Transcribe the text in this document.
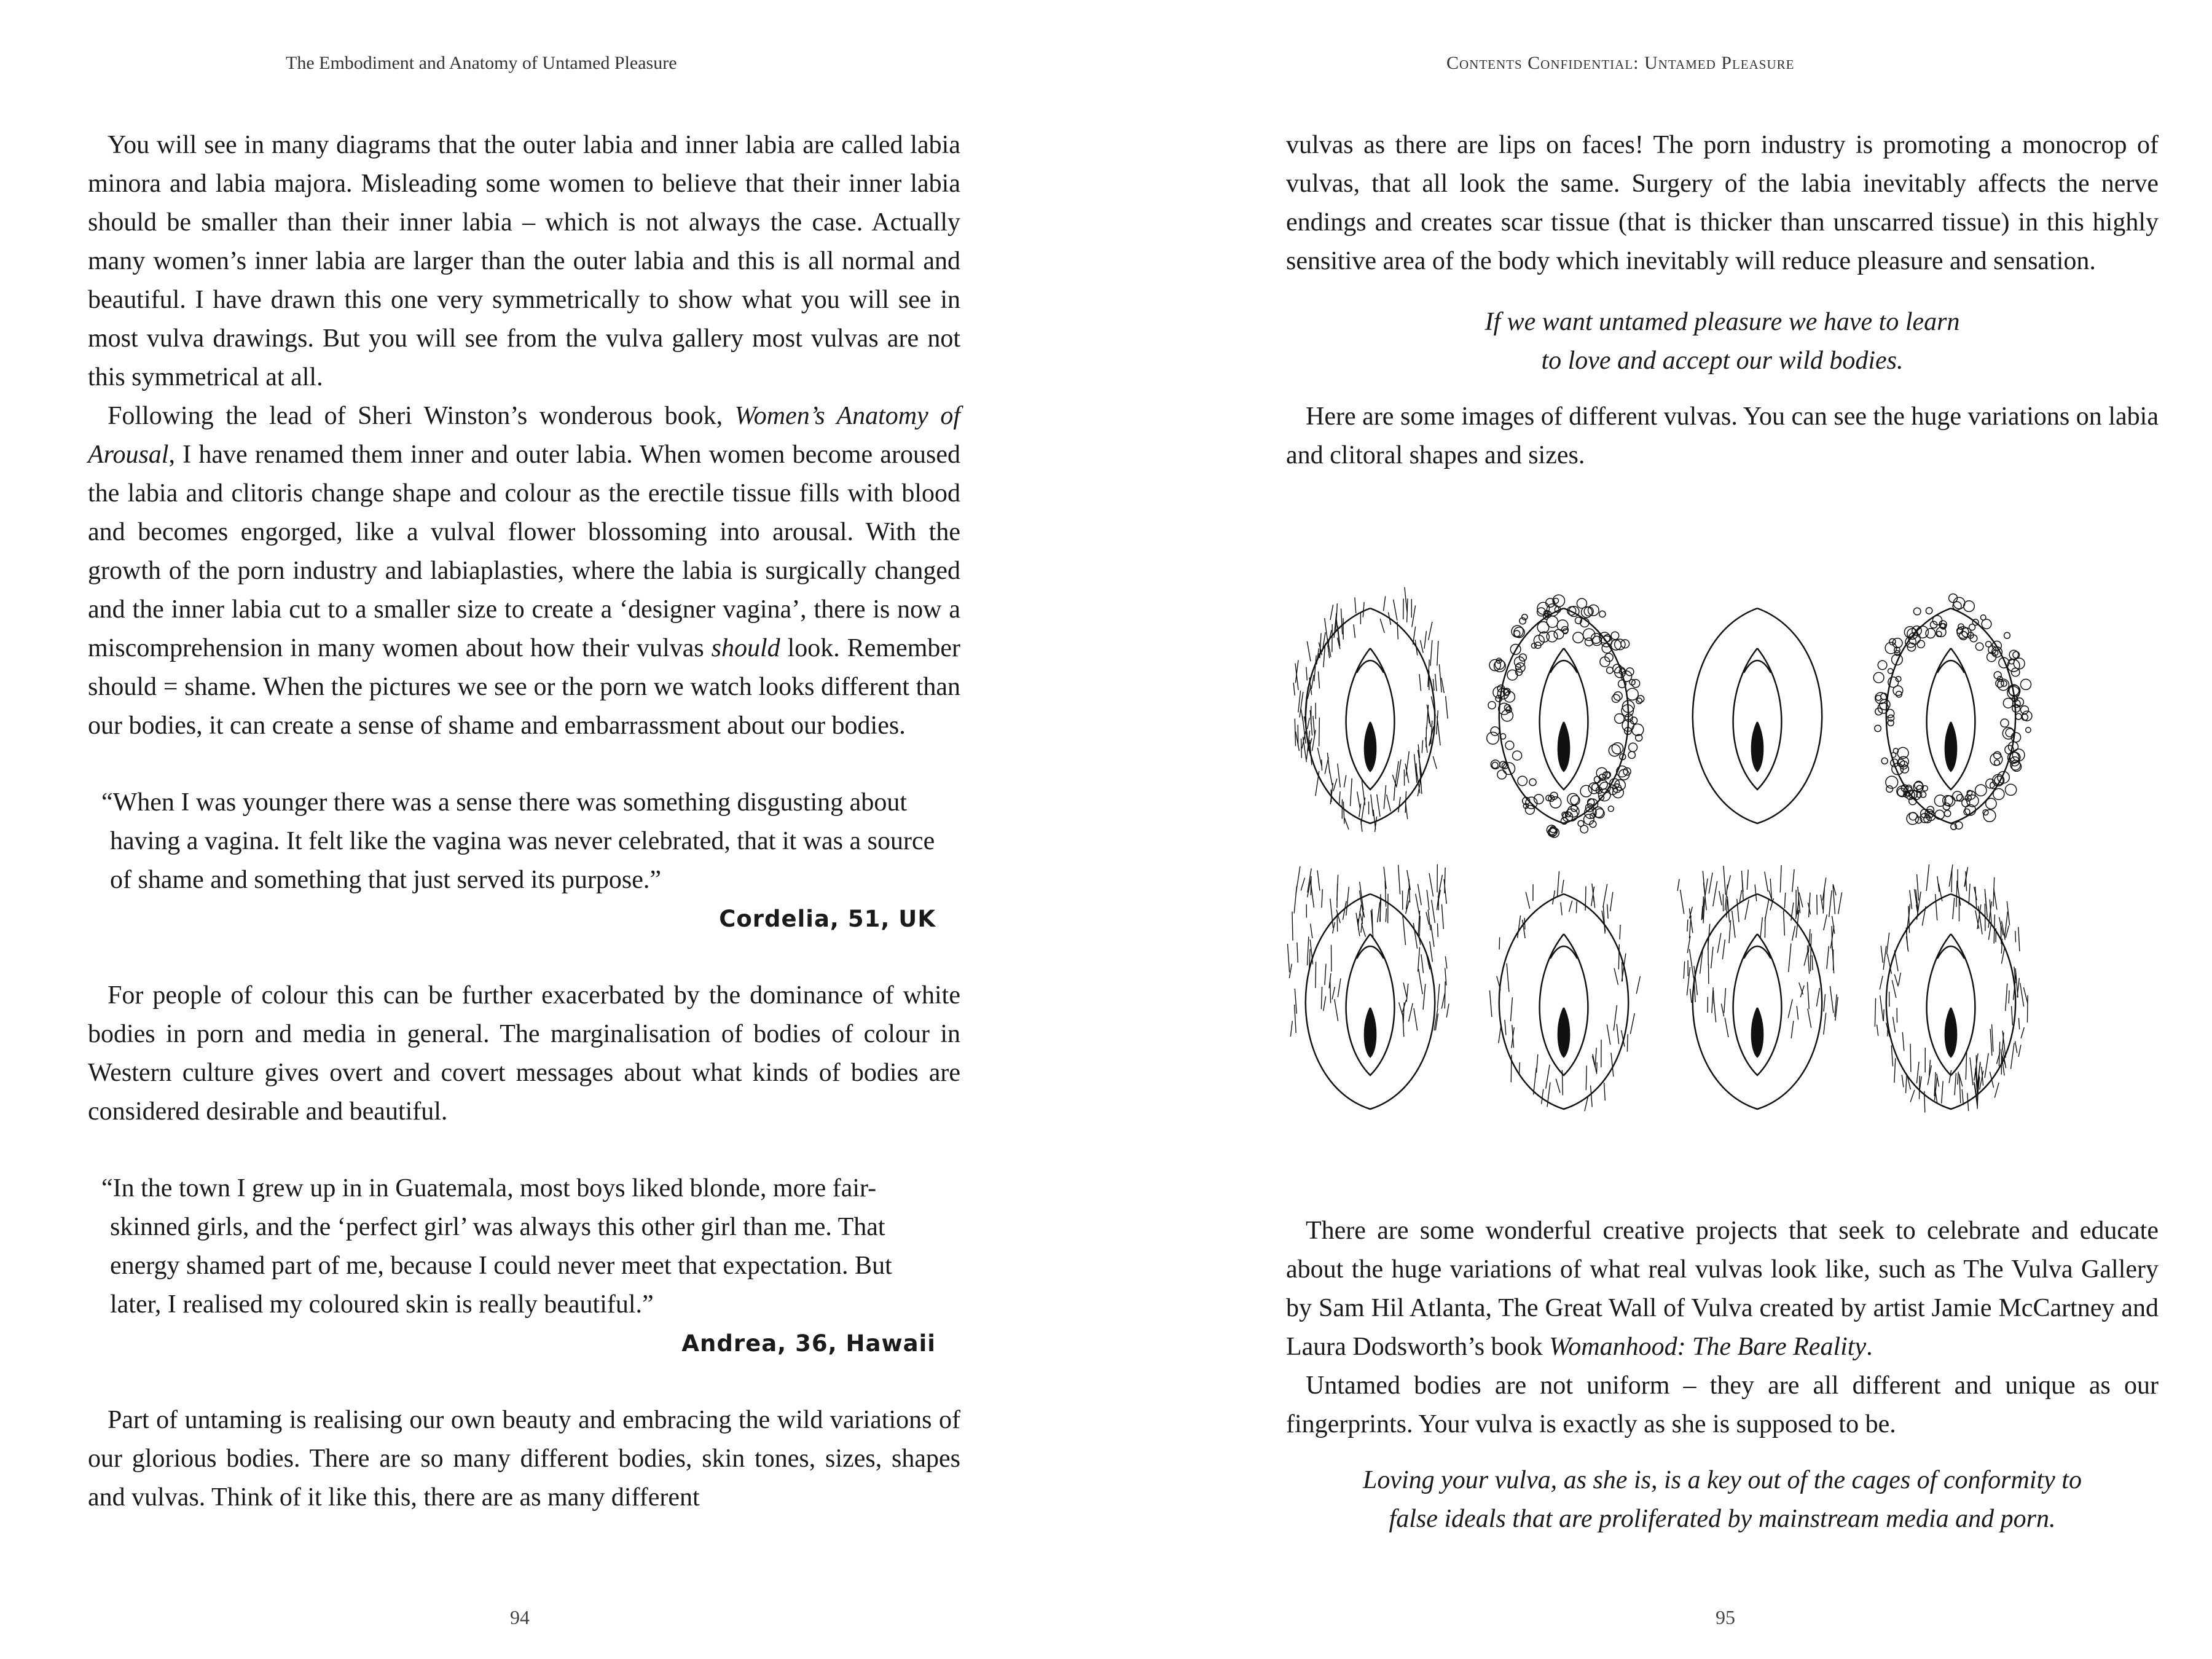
The Embodiment and Anatomy of Untamed Pleasure

You will see in many diagrams that the outer labia and inner labia are called labia minora and labia majora. Misleading some women to believe that their inner labia should be smaller than their inner labia – which is not always the case. Actually many women’s inner labia are larger than the outer labia and this is all normal and beautiful. I have drawn this one very symmetrically to show what you will see in most vulva drawings. But you will see from the vulva gallery most vulvas are not this symmetrical at all.

Following the lead of Sheri Winston’s wonderous book, Women’s Anatomy of Arousal, I have renamed them inner and outer labia. When women become aroused the labia and clitoris change shape and colour as the erectile tissue fills with blood and becomes engorged, like a vulval flower blossoming into arousal. With the growth of the porn industry and labiaplasties, where the labia is surgically changed and the inner labia cut to a smaller size to create a ‘designer vagina’, there is now a miscomprehension in many women about how their vulvas should look. Remember should = shame. When the pictures we see or the porn we watch looks different than our bodies, it can create a sense of shame and embarrassment about our bodies.

“When I was younger there was a sense there was something disgusting about having a vagina. It felt like the vagina was never celebrated, that it was a source of shame and something that just served its purpose.”

Cordelia, 51, UK

For people of colour this can be further exacerbated by the dominance of white bodies in porn and media in general. The marginalisation of bodies of colour in Western culture gives overt and covert messages about what kinds of bodies are considered desirable and beautiful.

“In the town I grew up in in Guatemala, most boys liked blonde, more fair-skinned girls, and the ‘perfect girl’ was always this other girl than me. That energy shamed part of me, because I could never meet that expectation. But later, I realised my coloured skin is really beautiful.”

Andrea, 36, Hawaii

Part of untaming is realising our own beauty and embracing the wild variations of our glorious bodies. There are so many different bodies, skin tones, sizes, shapes and vulvas. Think of it like this, there are as many different

94
Contents Confidential: Untamed Pleasure

vulvas as there are lips on faces! The porn industry is promoting a monocrop of vulvas, that all look the same. Surgery of the labia inevitably affects the nerve endings and creates scar tissue (that is thicker than unscarred tissue) in this highly sensitive area of the body which inevitably will reduce pleasure and sensation.

If we want untamed pleasure we have to learn

to love and accept our wild bodies.

Here are some images of different vulvas. You can see the huge variations on labia and clitoral shapes and sizes.

There are some wonderful creative projects that seek to celebrate and educate about the huge variations of what real vulvas look like, such as The Vulva Gallery by Sam Hil Atlanta, The Great Wall of Vulva created by artist Jamie McCartney and Laura Dodsworth’s book Womanhood: The Bare Reality.

Untamed bodies are not uniform – they are all different and unique as our fingerprints. Your vulva is exactly as she is supposed to be.

Loving your vulva, as she is, is a key out of the cages of conformity to

false ideals that are proliferated by mainstream media and porn.

95
